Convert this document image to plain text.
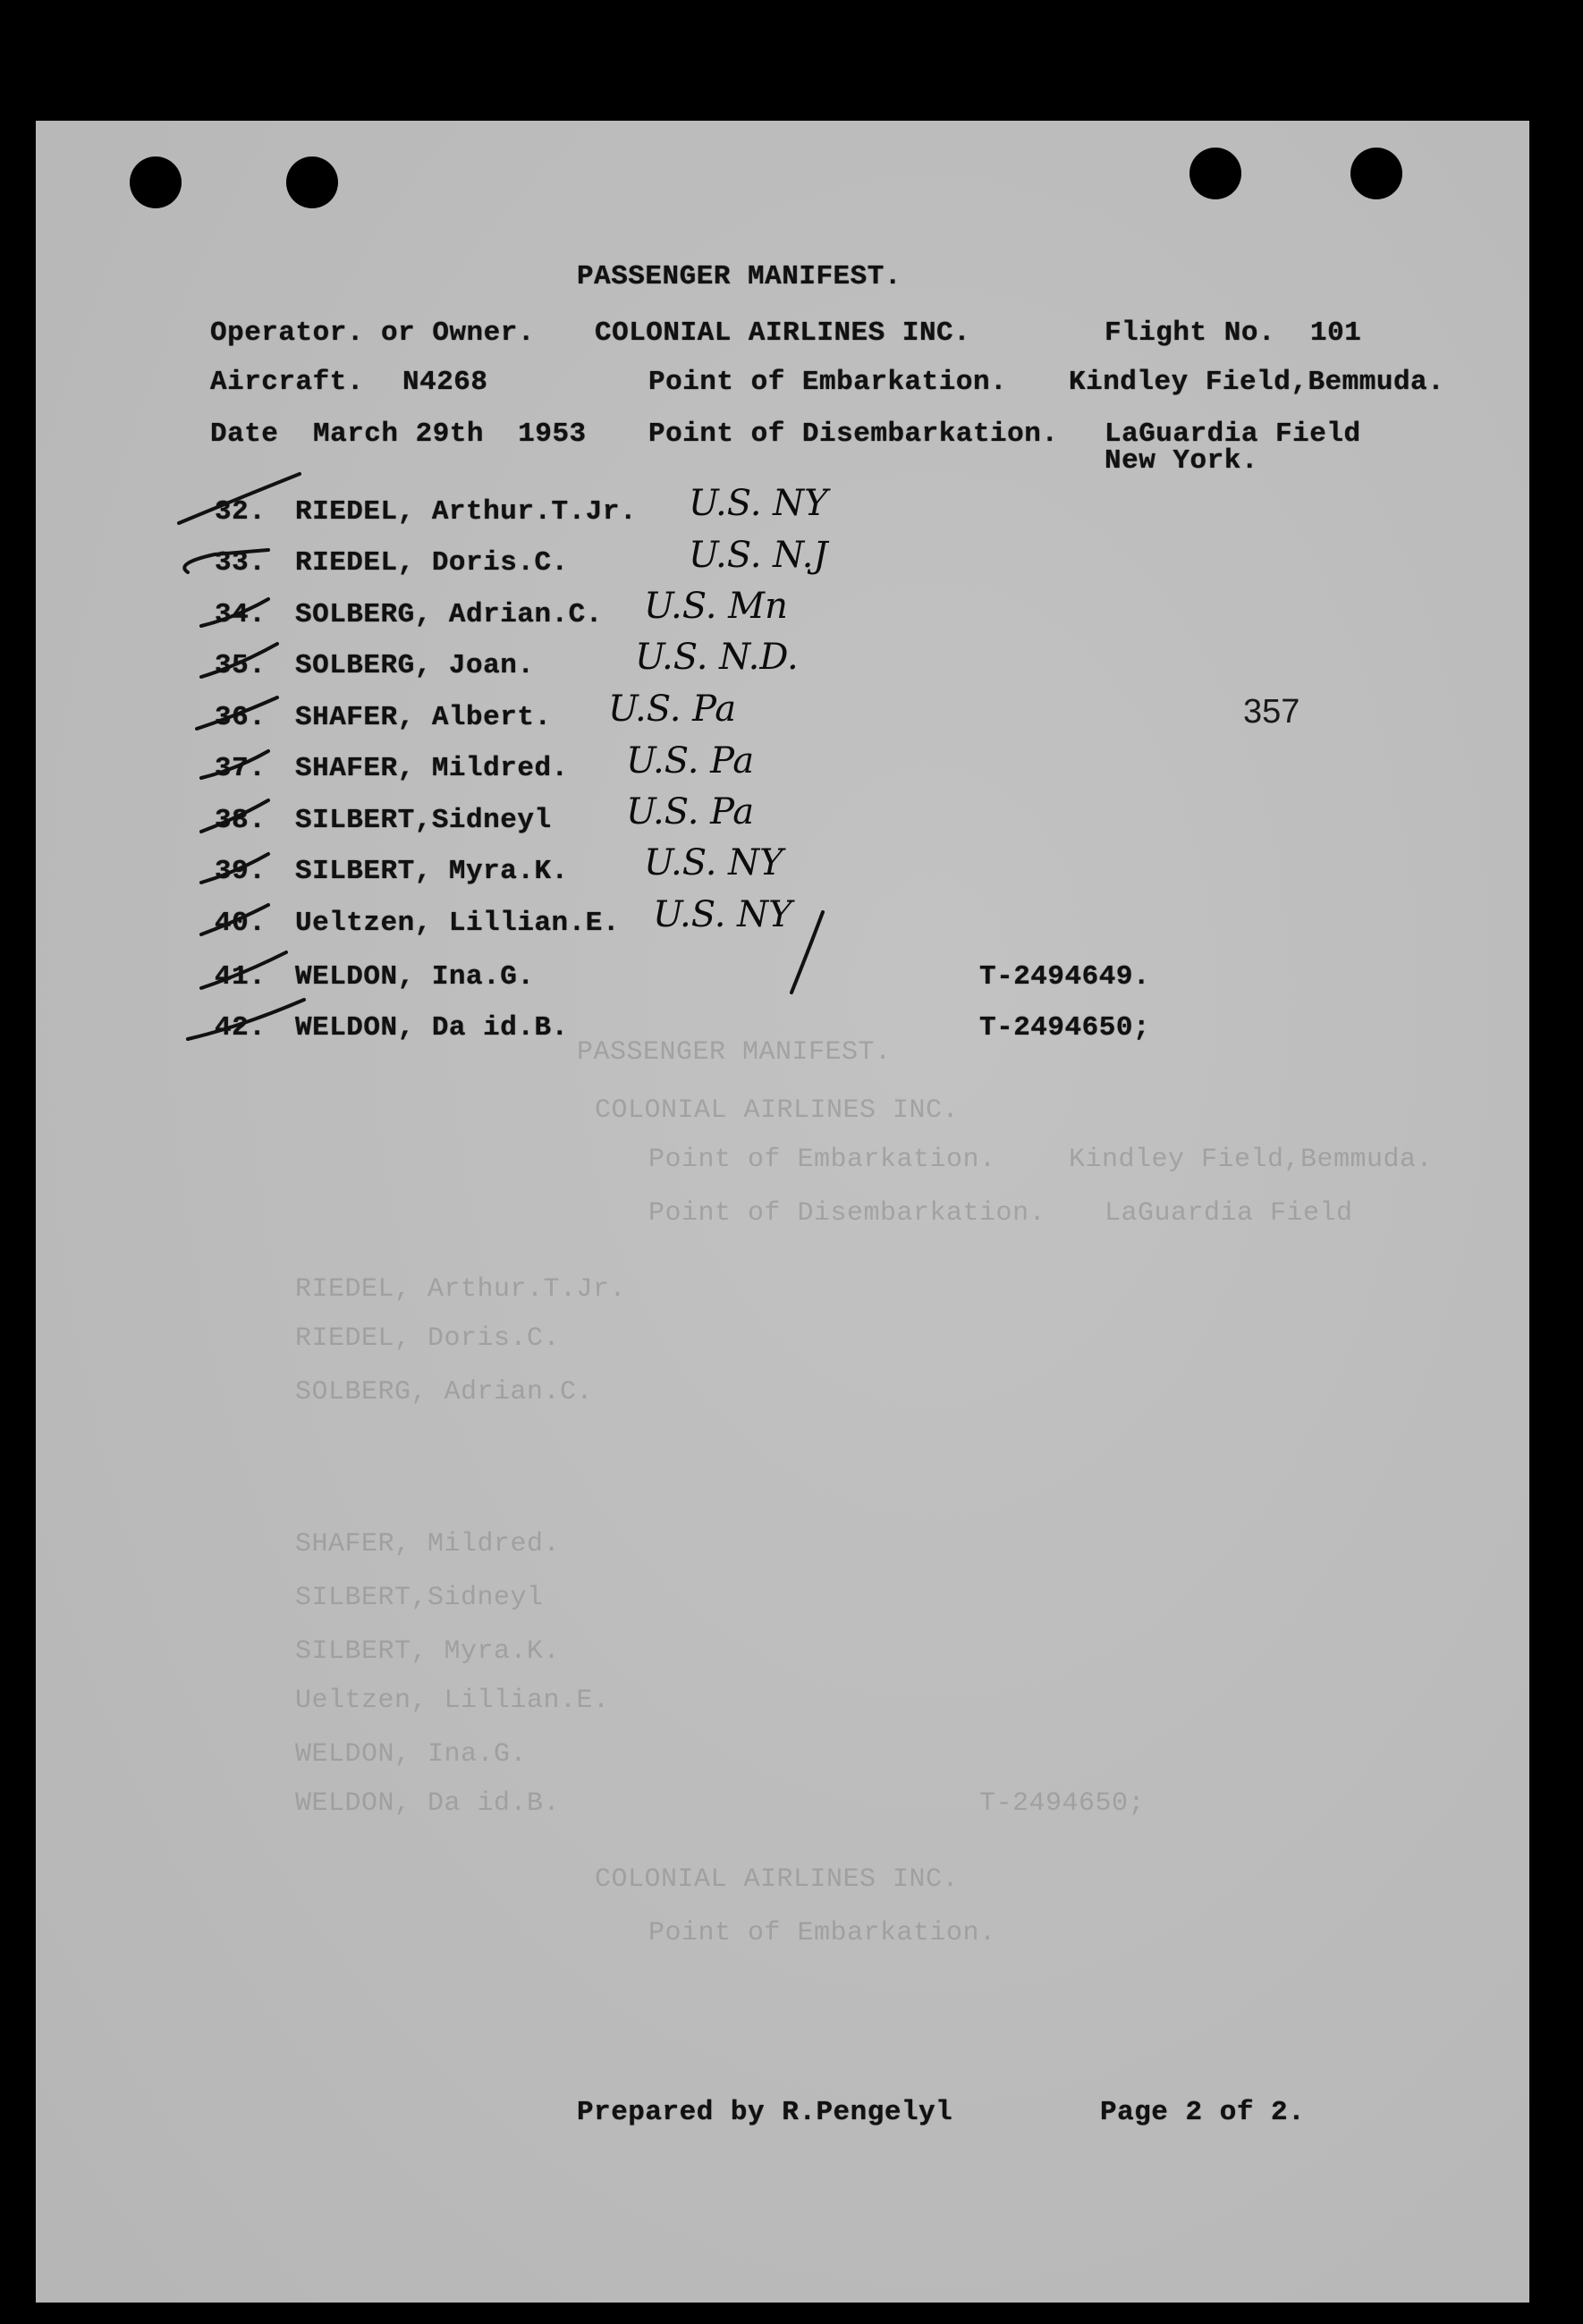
PASSENGER MANIFEST.
Operator. or Owner. COLONIAL AIRLINES INC.	Flight No. 101
Aircraft. N4268	Point of Embarkation. Kindley Field,Bemmuda.
Date March 29th  1953 Point of Disembarkation. LaGuardia Field
New York.
32. RIEDEL, Arthur.T.Jr. U.S. NY
33. RIEDEL, Doris.C.	U.S. N.J
34. SOLBERG, Adrian.C. U.S. Mn
35. SOLBERG, Joan.	U.S. N.D.
36. SHAFER, Albert. U.S. Pa
37. SHAFER, Mildred. U.S. Pa
38. SILBERT,Sidneyl U.S. Pa
39. SILBERT, Myra.K. U.S. NY
40. Ueltzen, Lillian.E. U.S. NY
41. WELDON, Ina.G.	T-2494649.
42. WELDON, Da id.B.	T-2494650;
357
PASSENGER MANIFEST.
COLONIAL AIRLINES INC.
Point of Embarkation.	Kindley Field,Bemmuda.
Point of Disembarkation. LaGuardia Field
RIEDEL, Arthur.T.Jr.
RIEDEL, Doris.C.
SOLBERG, Adrian.C.
SHAFER, Mildred.
SILBERT,Sidneyl
SILBERT, Myra.K.
Ueltzen, Lillian.E.
WELDON, Ina.G.
WELDON, Da id.B.	T-2494650;
COLONIAL AIRLINES INC.
Point of Embarkation.
Prepared by R.Pengelyl	Page 2 of 2.
